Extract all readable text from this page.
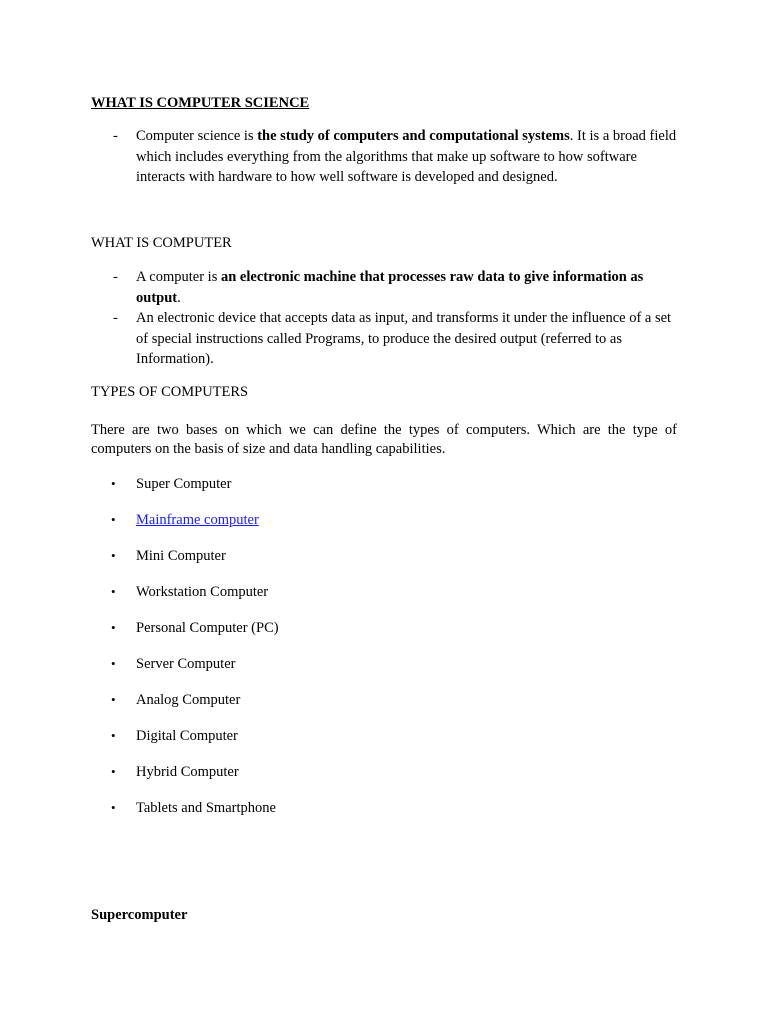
WHAT IS COMPUTER SCIENCE
- Computer science is the study of computers and computational systems. It is a broad field which includes everything from the algorithms that make up software to how software interacts with hardware to how well software is developed and designed.
WHAT IS COMPUTER
- A computer is an electronic machine that processes raw data to give information as output.
- An electronic device that accepts data as input, and transforms it under the influence of a set of special instructions called Programs, to produce the desired output (referred to as Information).
TYPES OF COMPUTERS

There are two bases on which we can define the types of computers. Which are the type of computers on the basis of size and data handling capabilities.

• Super Computer
• Mainframe computer
• Mini Computer
• Workstation Computer
• Personal Computer (PC)
• Server Computer
• Analog Computer
• Digital Computer
• Hybrid Computer
• Tablets and Smartphone
Supercomputer
